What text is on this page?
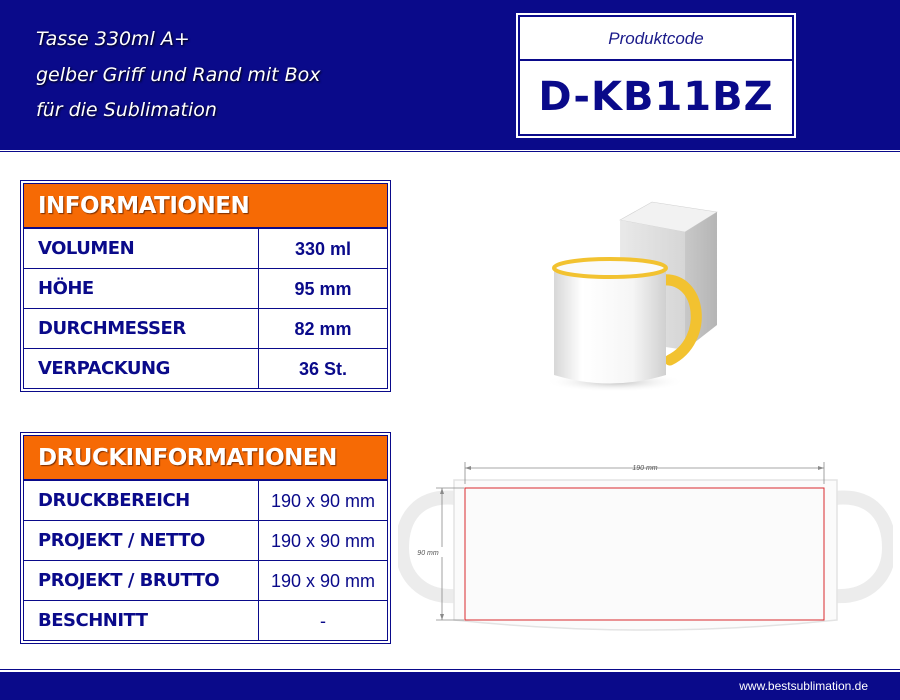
Tasse 330ml A+
gelber Griff und Rand mit Box
für die Sublimation
Produktcode
D-KB11BZ
INFORMATIONEN
VOLUMEN	330 ml
HÖHE	95 mm
DURCHMESSER	82 mm
VERPACKUNG	36 St.
DRUCKINFORMATIONEN
DRUCKBEREICH	190 x 90 mm
PROJEKT / NETTO	190 x 90 mm
PROJEKT / BRUTTO	190 x 90 mm
BESCHNITT	-
190 mm
90 mm
www.bestsublimation.de
